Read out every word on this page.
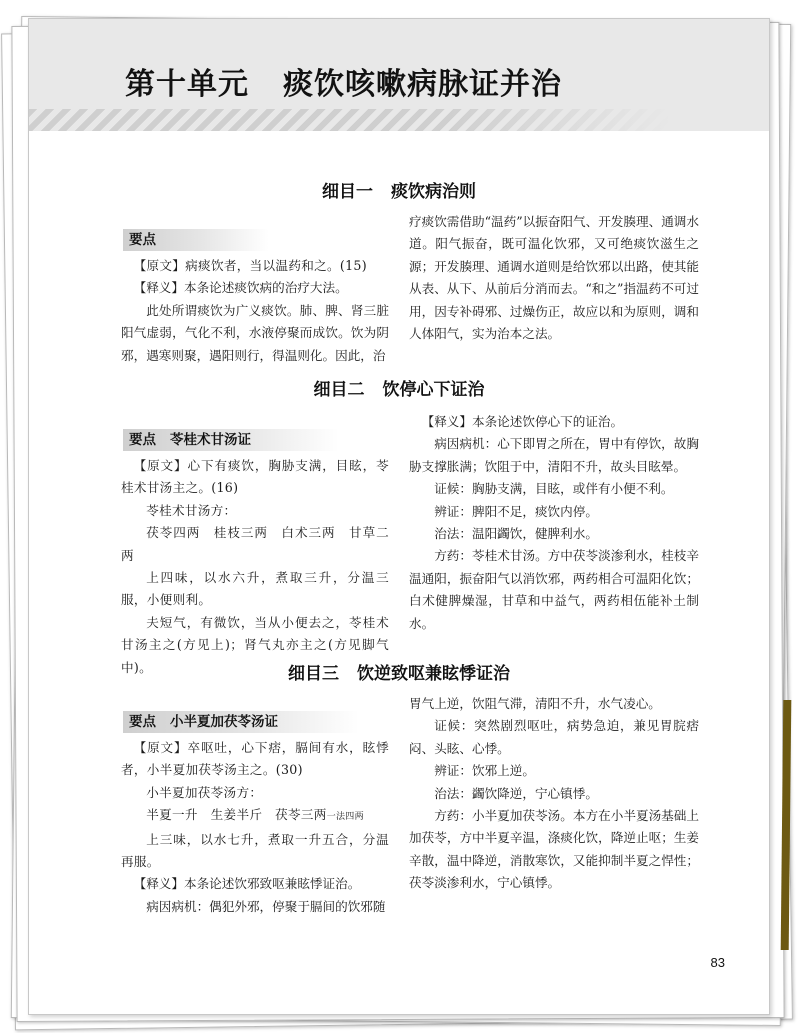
第十单元 痰饮咳嗽病脉证并治
细目一 痰饮病治则
要点

【原文】病痰饮者，当以温药和之。(15)

【释义】本条论述痰饮病的治疗大法。

此处所谓痰饮为广义痰饮。肺、脾、肾三脏阳气虚弱，气化不利，水液停聚而成饮。饮为阴邪，遇寒则聚，遇阳则行，得温则化。因此，治

疗痰饮需借助“温药”以振奋阳气、开发腠理、通调水道。阳气振奋，既可温化饮邪，又可绝痰饮滋生之源；开发腠理、通调水道则是给饮邪以出路，使其能从表、从下、从前后分消而去。“和之”指温药不可过用，因专补碍邪、过燥伤正，故应以和为原则，调和人体阳气，实为治本之法。

细目二 饮停心下证治
要点 苓桂术甘汤证

【原文】心下有痰饮，胸胁支满，目眩，苓桂术甘汤主之。(16)

苓桂术甘汤方：

茯苓四两　桂枝三两　白术三两　甘草二两

上四味，以水六升，煮取三升，分温三服，小便则利。

夫短气，有微饮，当从小便去之，苓桂术甘汤主之(方见上)；肾气丸亦主之(方见脚气中)。

【释义】本条论述饮停心下的证治。

病因病机：心下即胃之所在，胃中有停饮，故胸胁支撑胀满；饮阻于中，清阳不升，故头目眩晕。

证候：胸胁支满，目眩，或伴有小便不利。

辨证：脾阳不足，痰饮内停。

治法：温阳蠲饮，健脾利水。

方药：苓桂术甘汤。方中茯苓淡渗利水，桂枝辛温通阳，振奋阳气以消饮邪，两药相合可温阳化饮；白术健脾燥湿，甘草和中益气，两药相伍能补土制水。

细目三 饮逆致呕兼眩悸证治
要点 小半夏加茯苓汤证

【原文】卒呕吐，心下痞，膈间有水，眩悸者，小半夏加茯苓汤主之。(30)

小半夏加茯苓汤方：

半夏一升　生姜半斤　茯苓三两一法四两

上三味，以水七升，煮取一升五合，分温再服。

【释义】本条论述饮邪致呕兼眩悸证治。

病因病机：偶犯外邪，停聚于膈间的饮邪随

胃气上逆，饮阻气滞，清阳不升，水气凌心。

证候：突然剧烈呕吐，病势急迫，兼见胃脘痞闷、头眩、心悸。

辨证：饮邪上逆。

治法：蠲饮降逆，宁心镇悸。

方药：小半夏加茯苓汤。本方在小半夏汤基础上加茯苓，方中半夏辛温，涤痰化饮，降逆止呕；生姜辛散，温中降逆，消散寒饮，又能抑制半夏之悍性；茯苓淡渗利水，宁心镇悸。

83
